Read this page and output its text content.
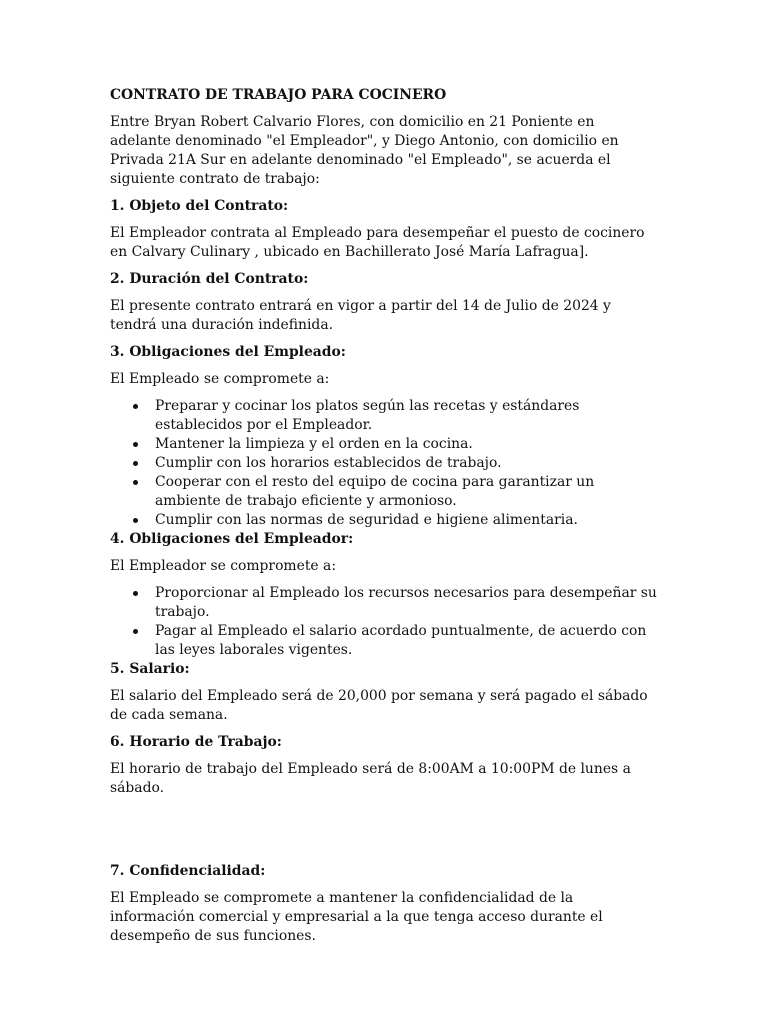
CONTRATO DE TRABAJO PARA COCINERO

Entre Bryan Robert Calvario Flores, con domicilio en 21 Poniente en adelante denominado "el Empleador", y Diego Antonio, con domicilio en Privada 21A Sur en adelante denominado "el Empleado", se acuerda el siguiente contrato de trabajo:

1. Objeto del Contrato:

El Empleador contrata al Empleado para desempeñar el puesto de cocinero en Calvary Culinary , ubicado en Bachillerato José María Lafragua].

2. Duración del Contrato:

El presente contrato entrará en vigor a partir del 14 de Julio de 2024 y tendrá una duración indefinida.

3. Obligaciones del Empleado:

El Empleado se compromete a:

Preparar y cocinar los platos según las recetas y estándares establecidos por el Empleador.
Mantener la limpieza y el orden en la cocina.
Cumplir con los horarios establecidos de trabajo.
Cooperar con el resto del equipo de cocina para garantizar un ambiente de trabajo eficiente y armonioso.
Cumplir con las normas de seguridad e higiene alimentaria.
4. Obligaciones del Empleador:

El Empleador se compromete a:

Proporcionar al Empleado los recursos necesarios para desempeñar su trabajo.
Pagar al Empleado el salario acordado puntualmente, de acuerdo con las leyes laborales vigentes.
5. Salario:

El salario del Empleado será de 20,000 por semana y será pagado el sábado de cada semana.

6. Horario de Trabajo:

El horario de trabajo del Empleado será de 8:00AM a 10:00PM de lunes a sábado.

7. Confidencialidad:

El Empleado se compromete a mantener la confidencialidad de la información comercial y empresarial a la que tenga acceso durante el desempeño de sus funciones.
